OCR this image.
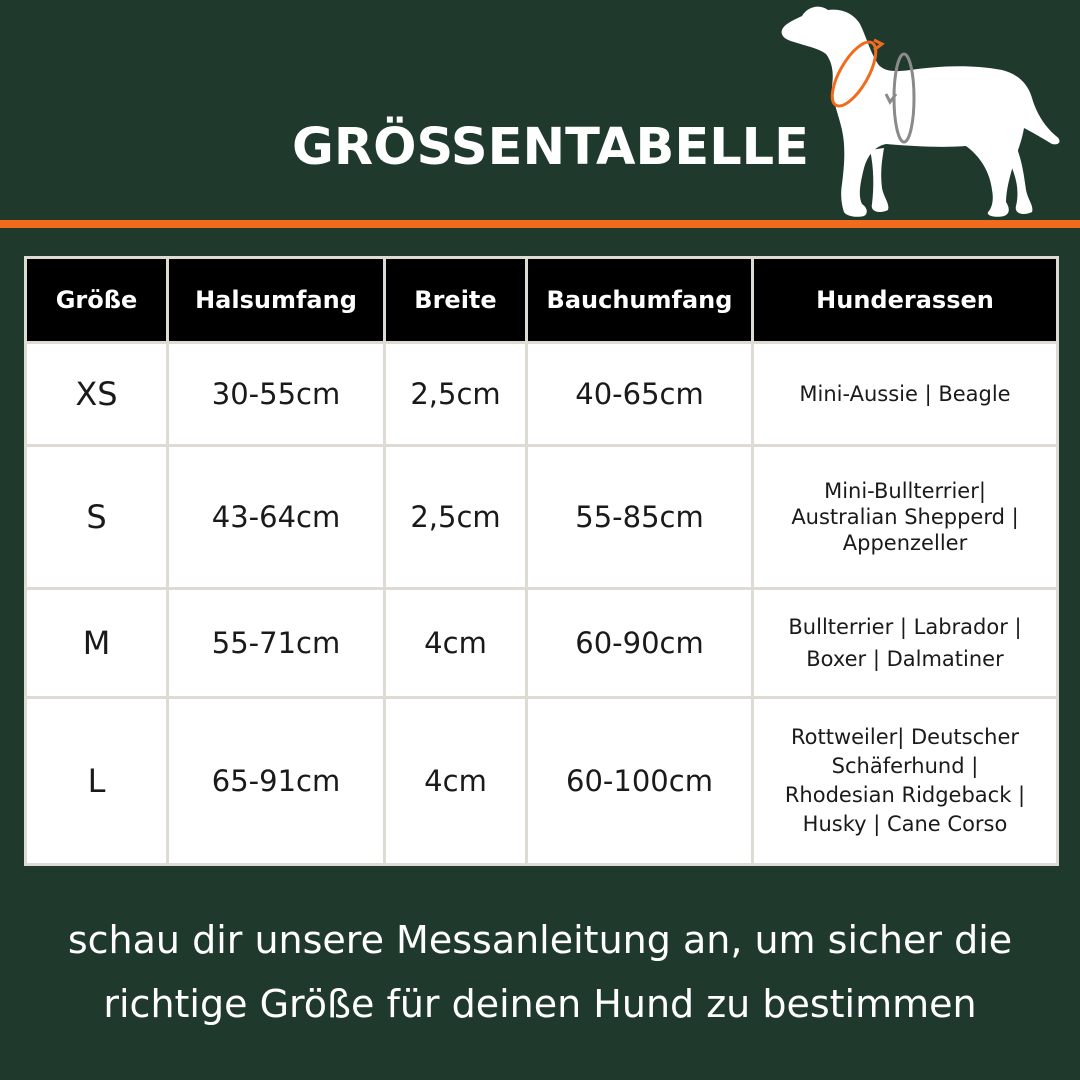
GRÖSSENTABELLE
Größe	Halsumfang	Breite	Bauchumfang	Hunderassen
XS	30-55cm	2,5cm	40-65cm	Mini-Aussie | Beagle

S	43-64cm	2,5cm	55-85cm	Mini-Bullterrier|
Australian Shepperd |
Appenzeller

M	55-71cm	4cm	60-90cm	Bullterrier | Labrador |
Boxer | Dalmatiner

L	65-91cm	4cm	60-100cm	Rottweiler| Deutscher
Schäferhund |
Rhodesian Ridgeback |
Husky | Cane Corso
schau dir unsere Messanleitung an, um sicher die
richtige Größe für deinen Hund zu bestimmen
